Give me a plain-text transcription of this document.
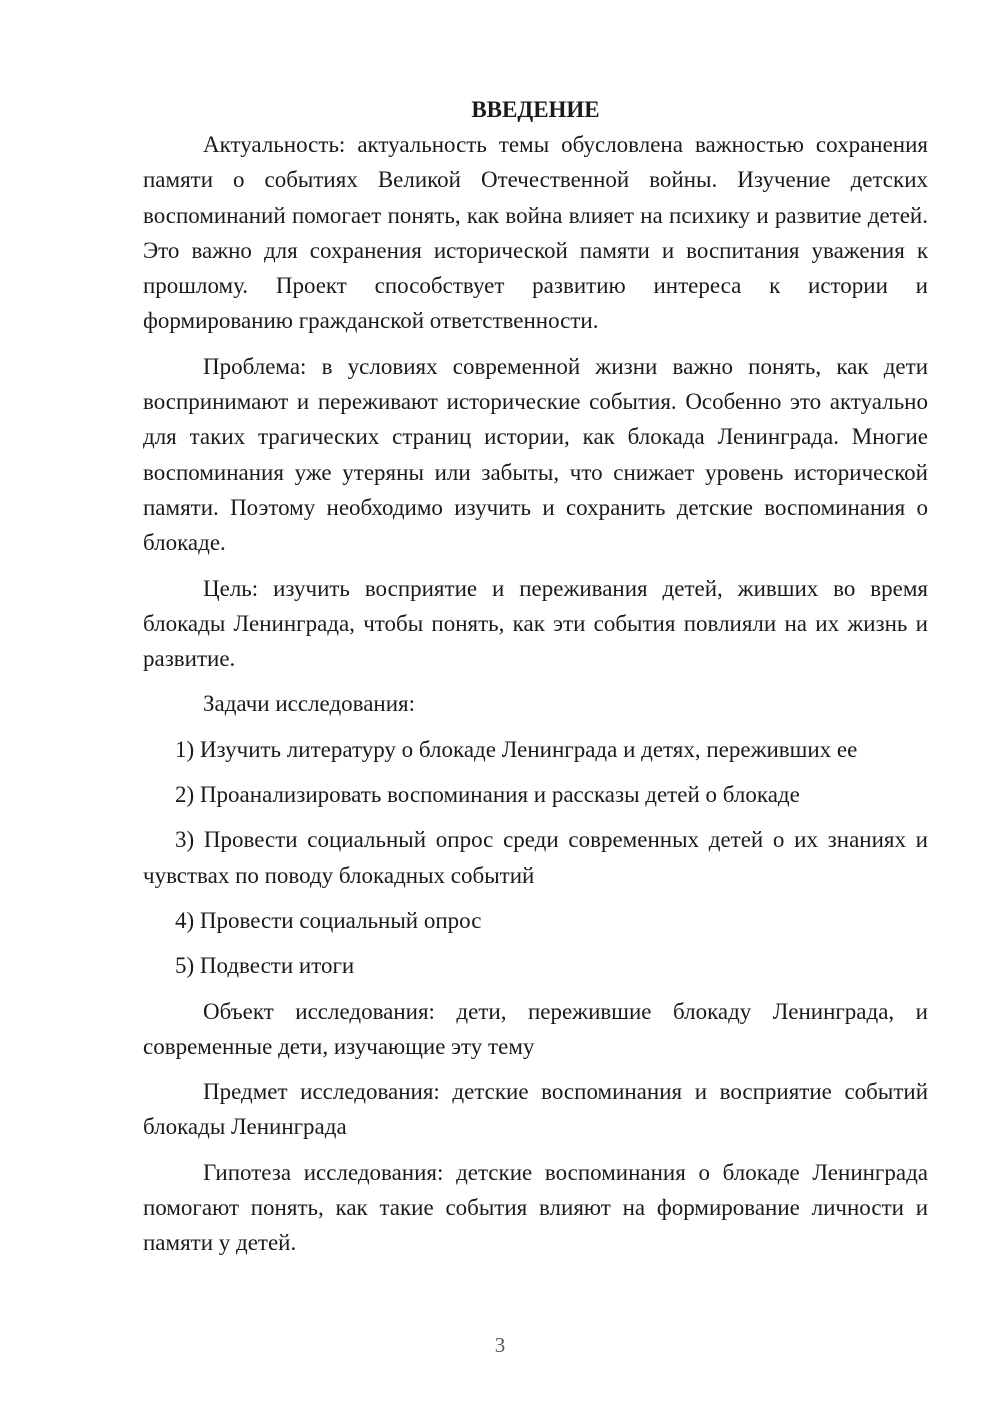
ВВЕДЕНИЕ

Актуальность: актуальность темы обусловлена важностью сохранения памяти о событиях Великой Отечественной войны. Изучение детских воспоминаний помогает понять, как война влияет на психику и развитие детей. Это важно для сохранения исторической памяти и воспитания уважения к прошлому. Проект способствует развитию интереса к истории и формированию гражданской ответственности.

Проблема: в условиях современной жизни важно понять, как дети воспринимают и переживают исторические события. Особенно это актуально для таких трагических страниц истории, как блокада Ленинграда. Многие воспоминания уже утеряны или забыты, что снижает уровень исторической памяти. Поэтому необходимо изучить и сохранить детские воспоминания о блокаде.

Цель: изучить восприятие и переживания детей, живших во время блокады Ленинграда, чтобы понять, как эти события повлияли на их жизнь и развитие.

Задачи исследования:

1) Изучить литературу о блокаде Ленинграда и детях, переживших ее

2) Проанализировать воспоминания и рассказы детей о блокаде

3) Провести социальный опрос среди современных детей о их знаниях и чувствах по поводу блокадных событий

4) Провести социальный опрос

5) Подвести итоги

Объект исследования: дети, пережившие блокаду Ленинграда, и современные дети, изучающие эту тему

Предмет исследования: детские воспоминания и восприятие событий блокады Ленинграда

Гипотеза исследования: детские воспоминания о блокаде Ленинграда помогают понять, как такие события влияют на формирование личности и памяти у детей.

3
